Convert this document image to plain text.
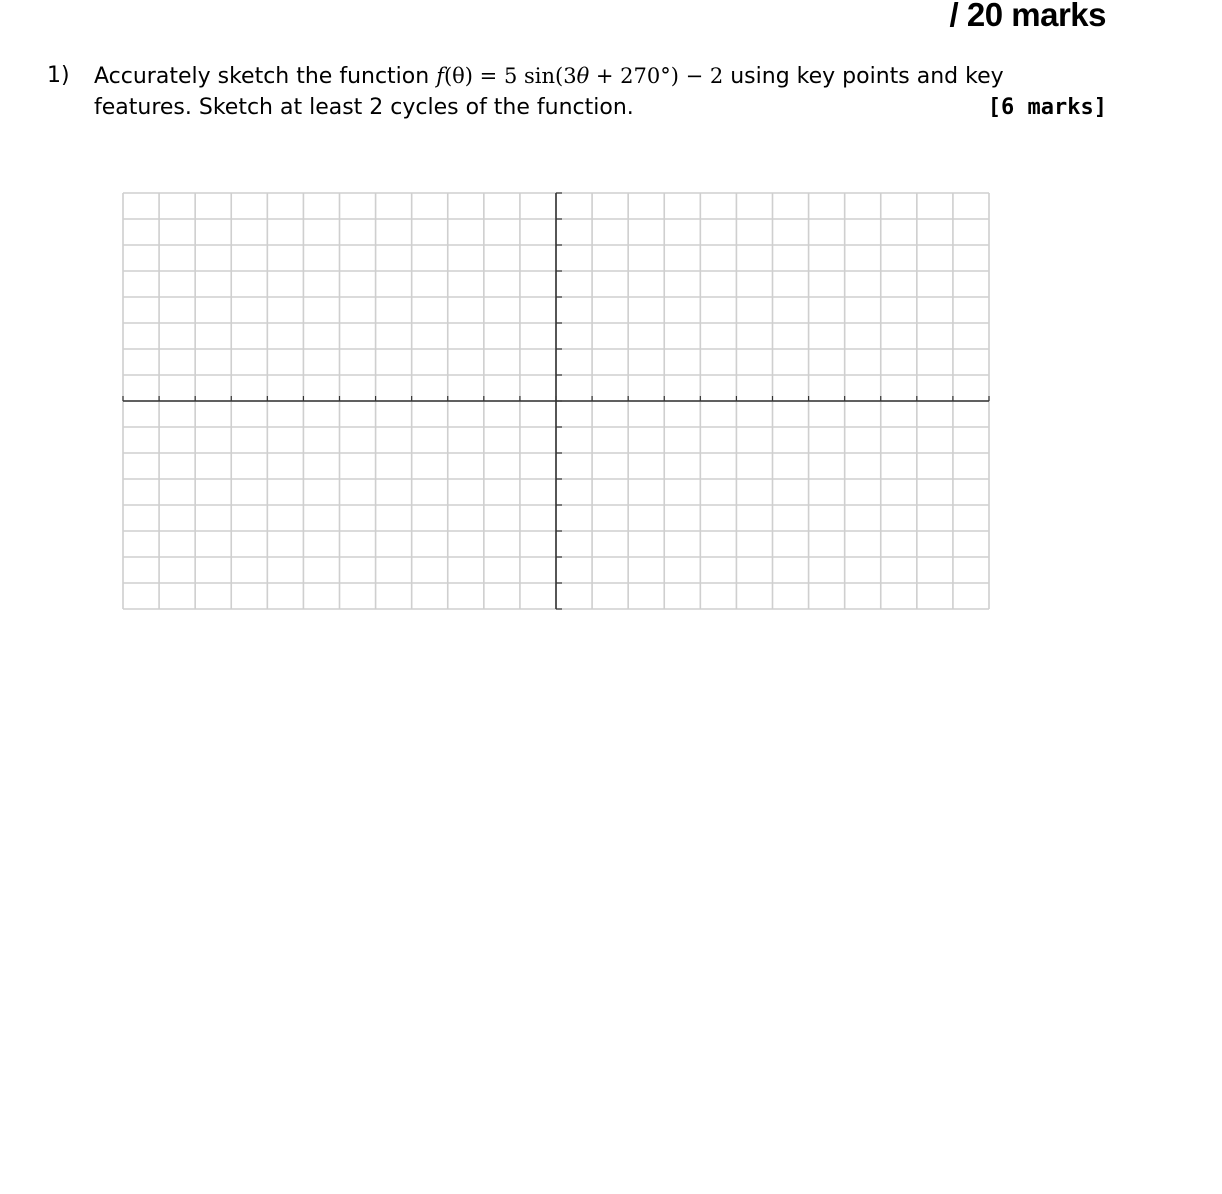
/ 20 marks
1) Accurately sketch the function f(θ) = 5 sin(3θ + 270°) − 2 using key points and key
features. Sketch at least 2 cycles of the function.	[6 marks]
